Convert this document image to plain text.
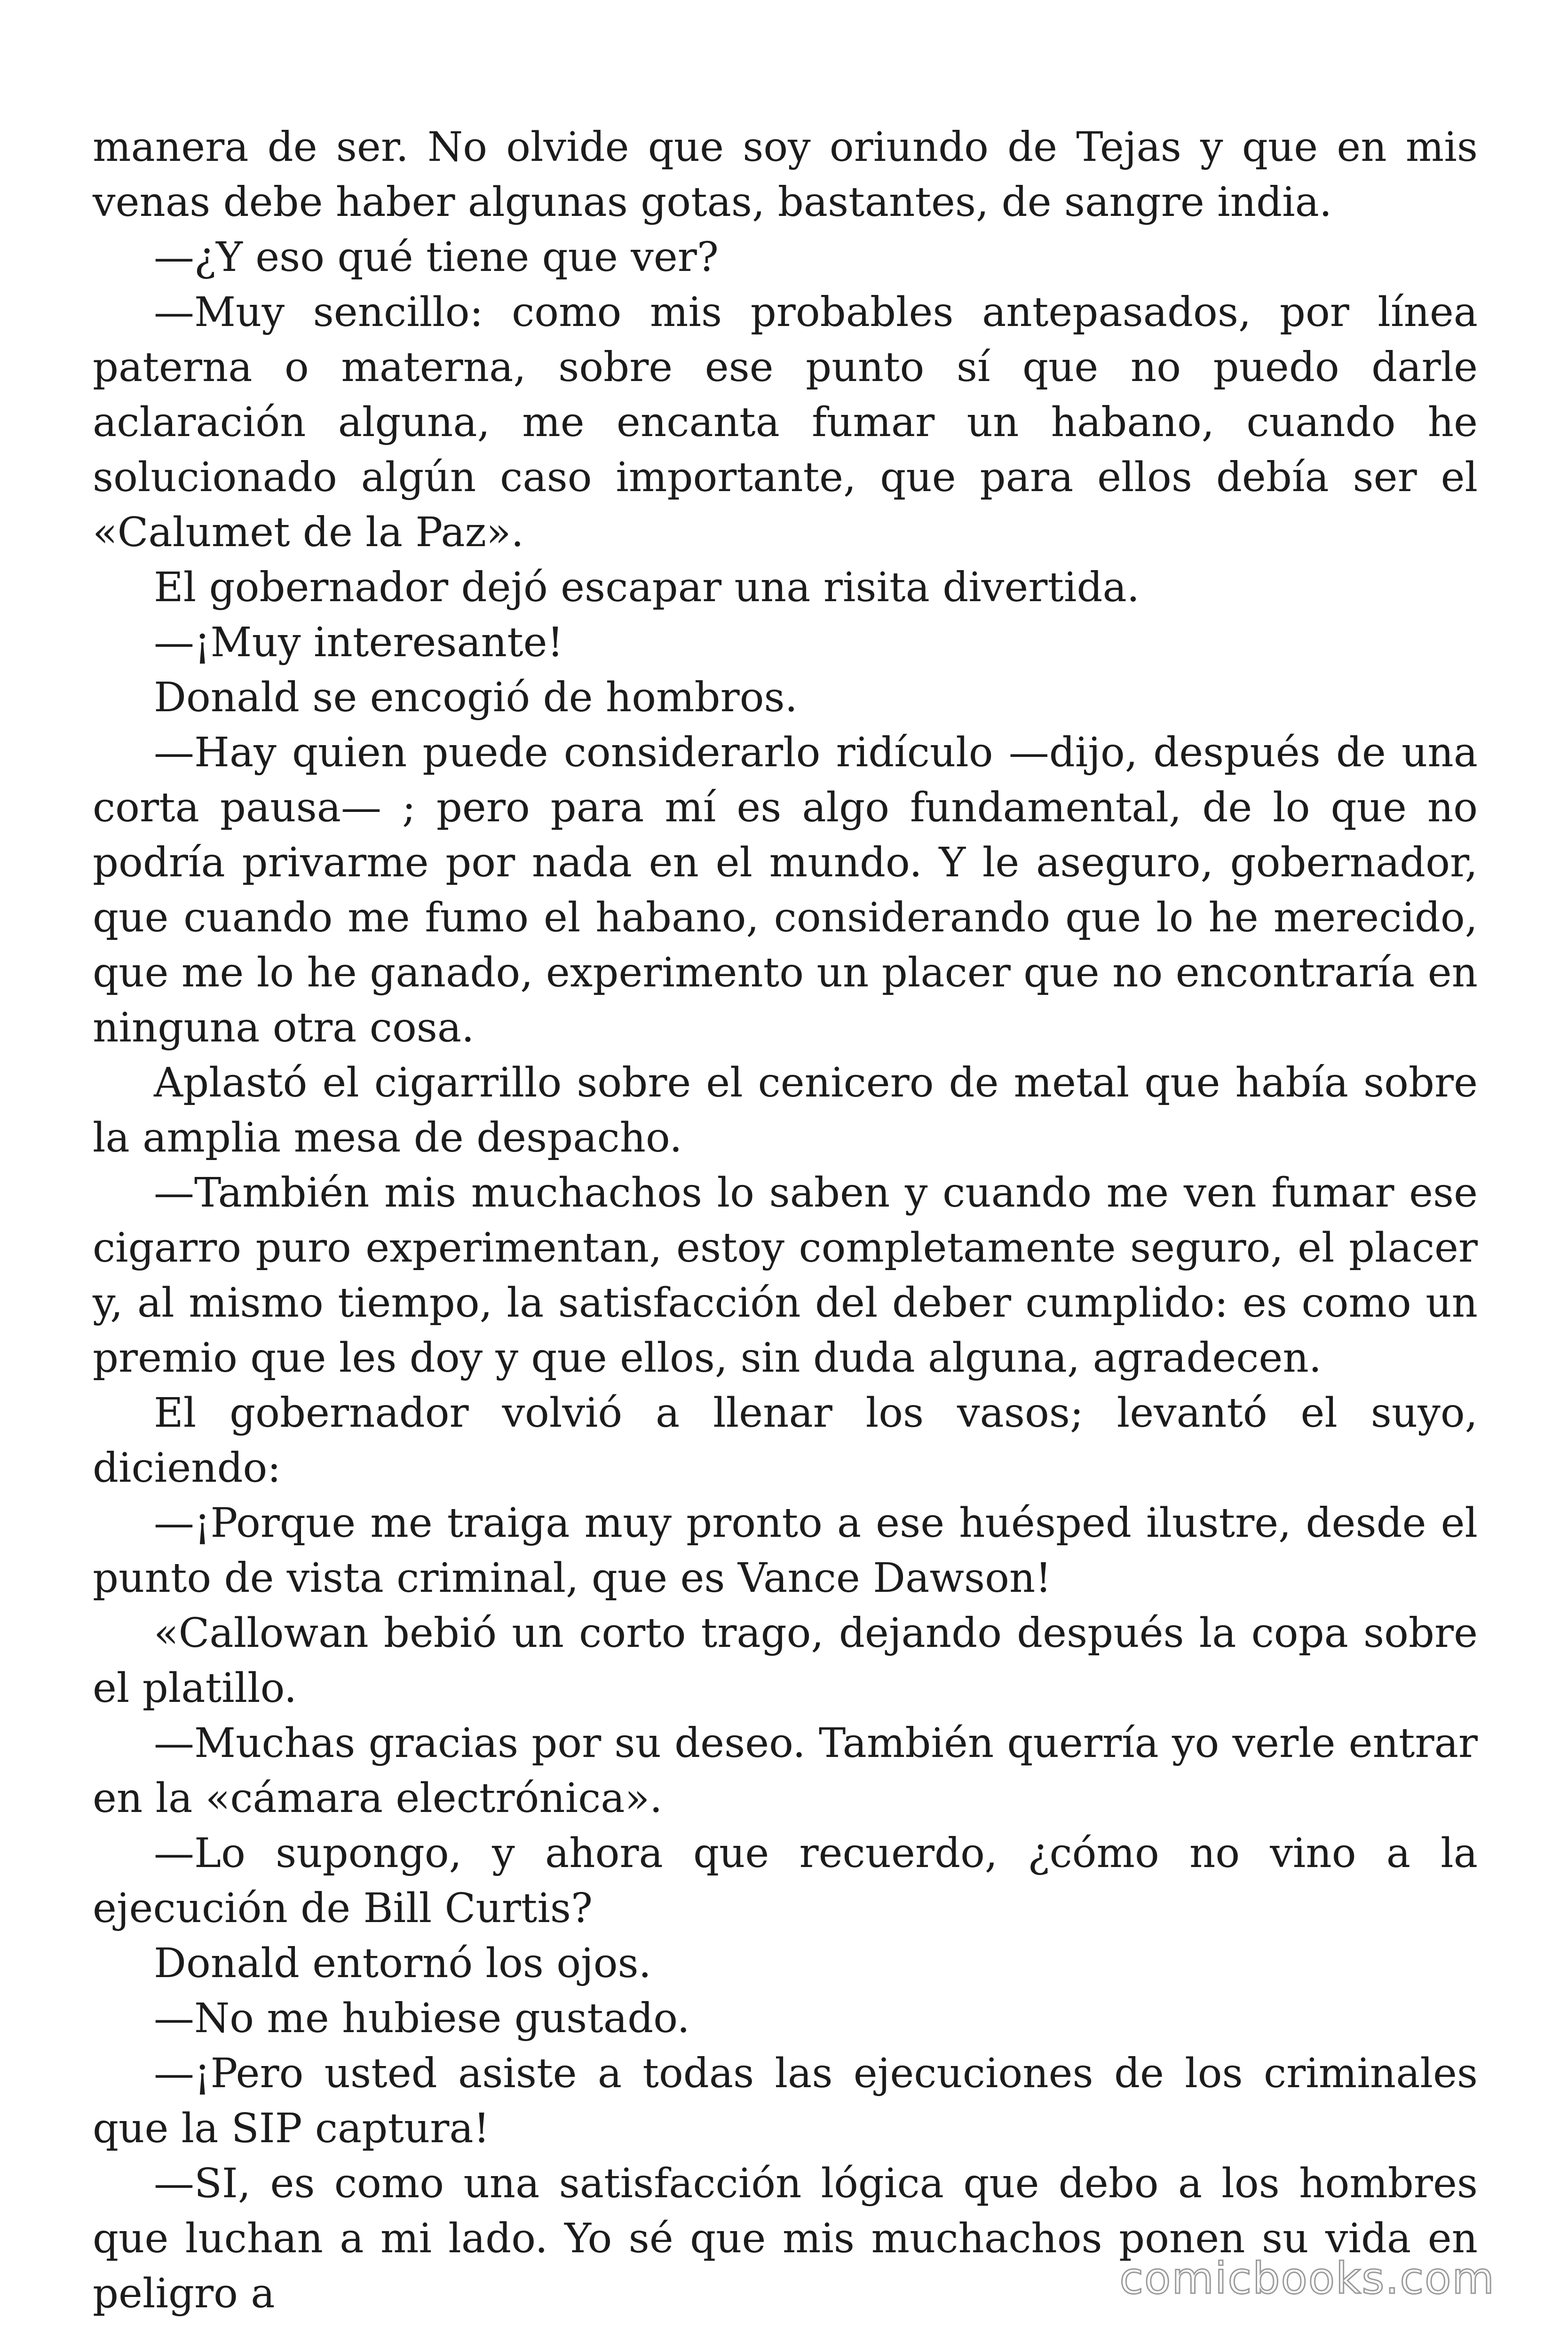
manera de ser. No olvide que soy oriundo de Tejas y que en mis venas debe haber algunas gotas, bastantes, de sangre india.

—¿Y eso qué tiene que ver?

—Muy sencillo: como mis probables antepasados, por línea paterna o materna, sobre ese punto sí que no puedo darle aclaración alguna, me encanta fumar un habano, cuando he solucionado algún caso importante, que para ellos debía ser el «Calumet de la Paz».

El gobernador dejó escapar una risita divertida.

—¡Muy interesante!

Donald se encogió de hombros.

—Hay quien puede considerarlo ridículo —dijo, después de una corta pausa— ; pero para mí es algo fundamental, de lo que no podría privarme por nada en el mundo. Y le aseguro, gobernador, que cuando me fumo el habano, considerando que lo he merecido, que me lo he ganado, experimento un placer que no encontraría en ninguna otra cosa.

Aplastó el cigarrillo sobre el cenicero de metal que había sobre la amplia mesa de despacho.

—También mis muchachos lo saben y cuando me ven fumar ese cigarro puro experimentan, estoy completamente seguro, el placer y, al mismo tiempo, la satisfacción del deber cumplido: es como un premio que les doy y que ellos, sin duda alguna, agradecen.

El gobernador volvió a llenar los vasos; levantó el suyo, diciendo:

—¡Porque me traiga muy pronto a ese huésped ilustre, desde el punto de vista criminal, que es Vance Dawson!

«Callowan bebió un corto trago, dejando después la copa sobre el platillo.

—Muchas gracias por su deseo. También querría yo verle entrar en la «cámara electrónica».

—Lo supongo, y ahora que recuerdo, ¿cómo no vino a la ejecución de Bill Curtis?

Donald entornó los ojos.

—No me hubiese gustado.

—¡Pero usted asiste a todas las ejecuciones de los criminales que la SIP captura!

—SI, es como una satisfacción lógica que debo a los hombres que luchan a mi lado. Yo sé que mis muchachos ponen su vida en peligro a	comicbooks.com
